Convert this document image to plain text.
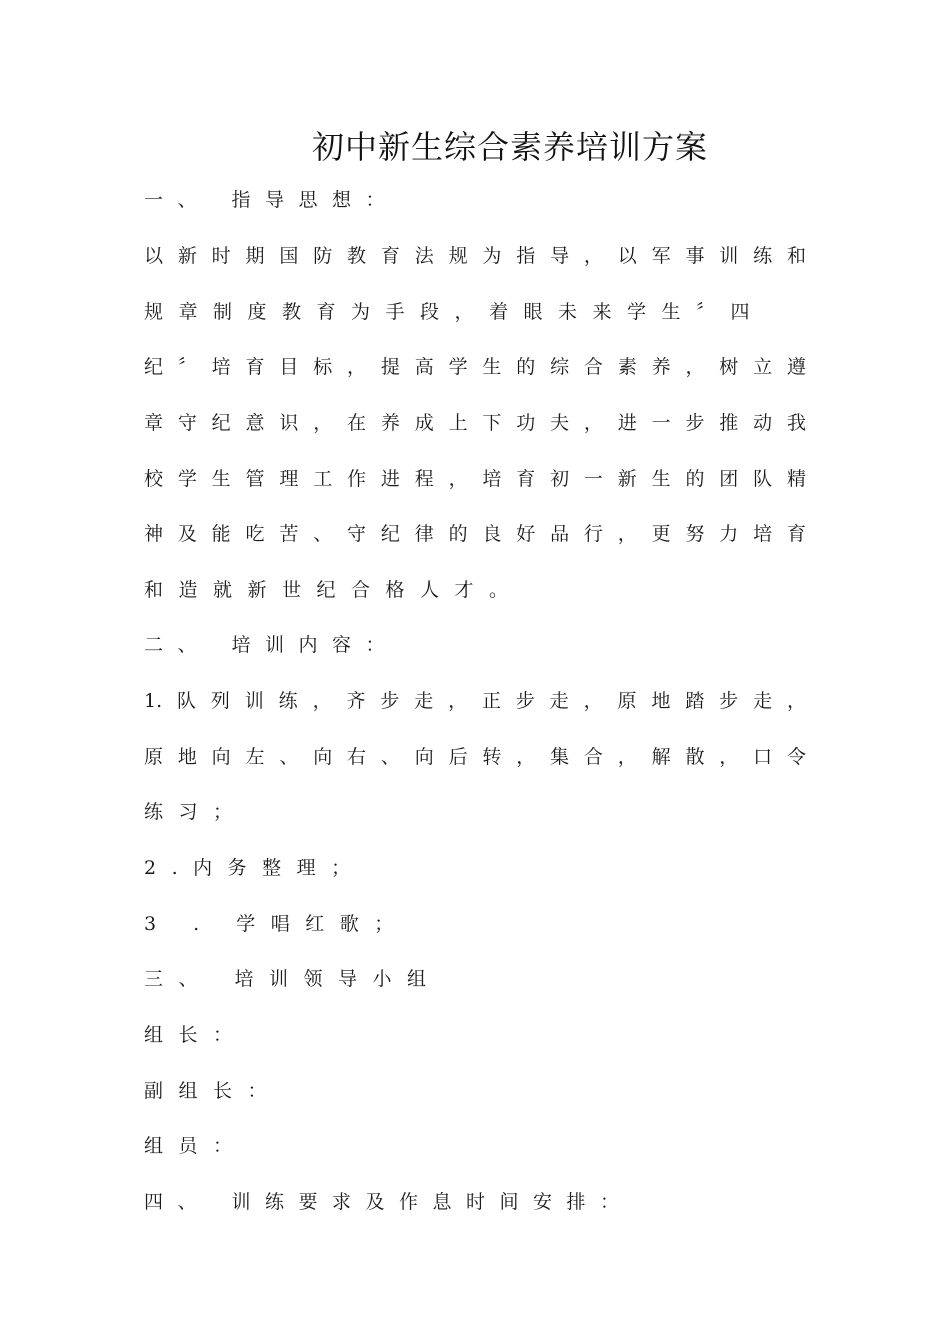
初中新生综合素养培训方案
一、 指导思想：
以新时期国防教育法规为指导，以军事训练和
规章制度教育为手段，着眼未来学生〞四
纪〞培育目标，提高学生的综合素养，树立遵
章守纪意识，在养成上下功夫，进一步推动我
校学生管理工作进程，培育初一新生的团队精
神及能吃苦、守纪律的良好品行，更努力培育
和造就新世纪合格人才。
二、 培训内容：
1.队列训练，齐步走，正步走，原地踏步走，
原地向左、向右、向后转，集合，解散，口令
练习；
2.内务整理；
3 . 学唱红歌；
三、 培训领导小组
组长：
副组长：
组员：
四、 训练要求及作息时间安排：
